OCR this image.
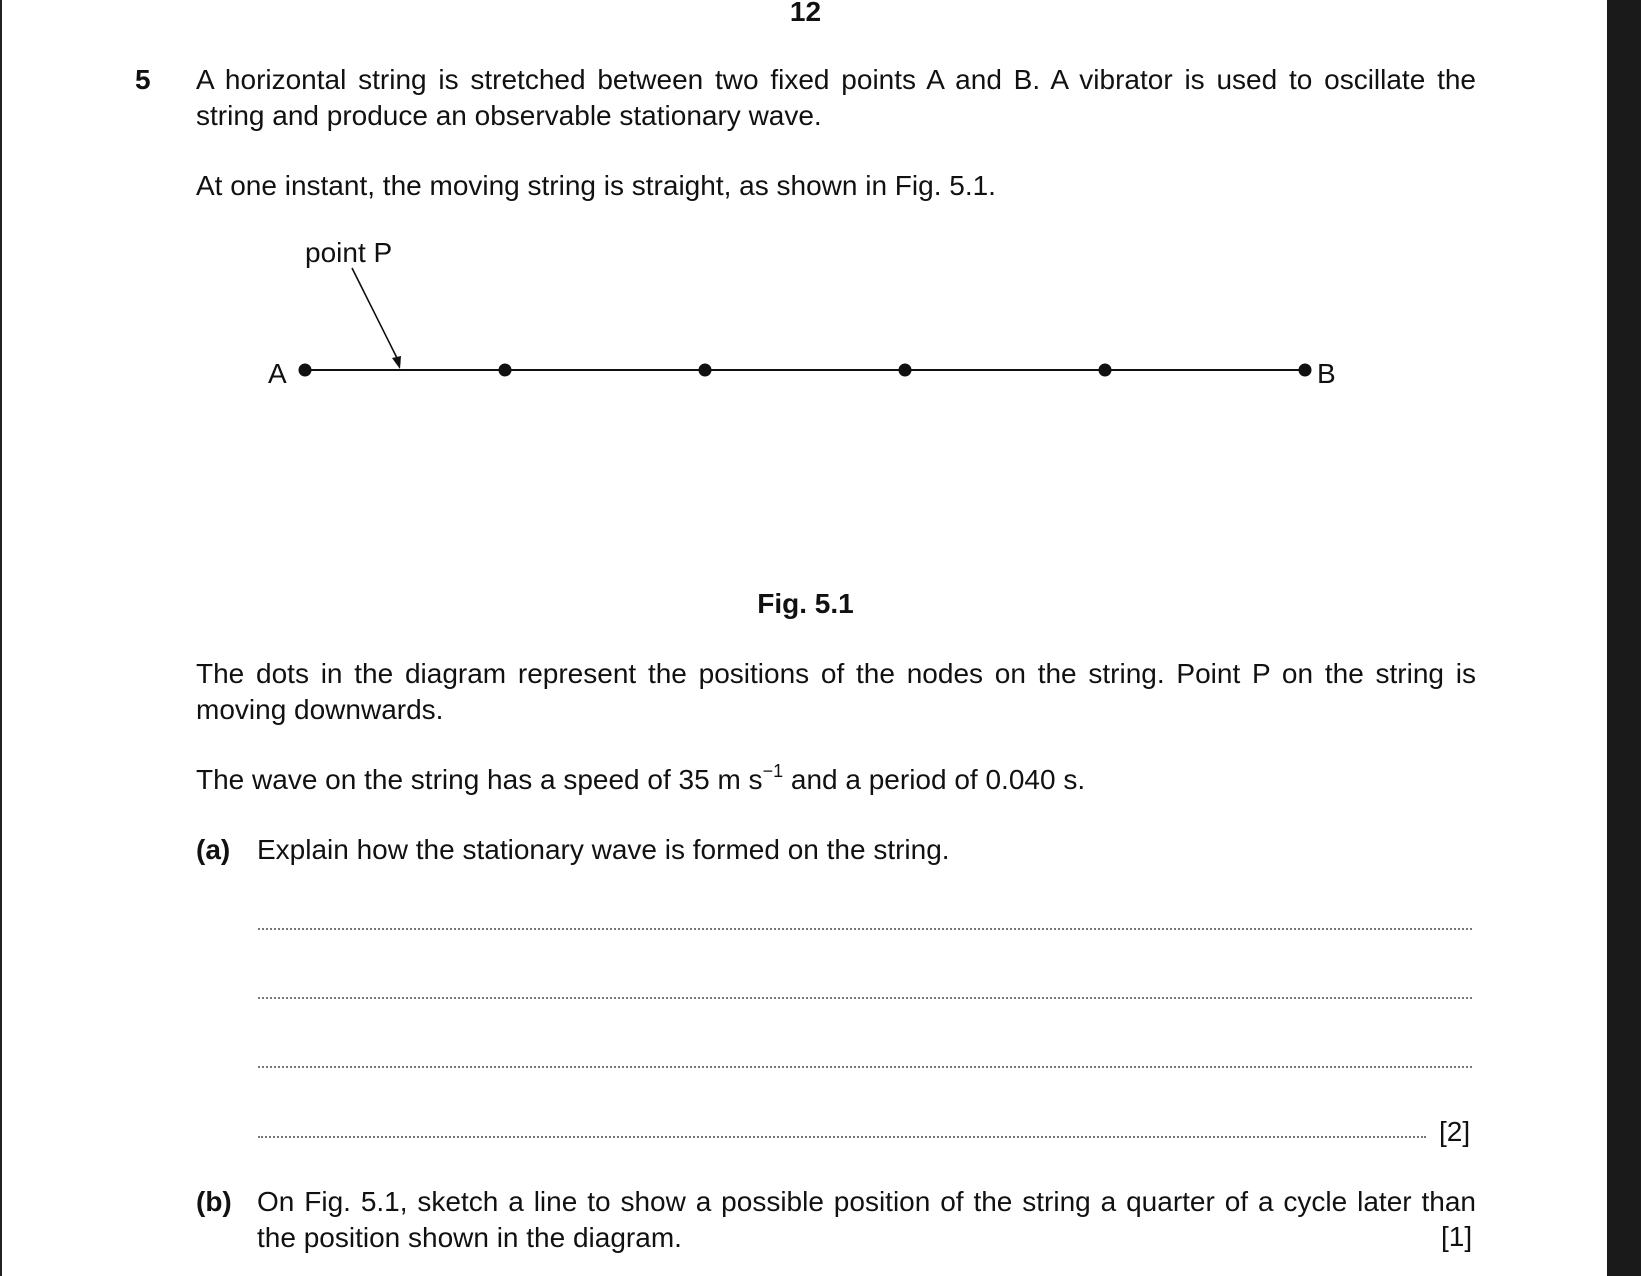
12
5 A horizontal string is stretched between two fixed points A and B. A vibrator is used to oscillate the string and produce an observable stationary wave.
At one instant, the moving string is straight, as shown in Fig. 5.1.
point P
A	B
Fig. 5.1
The dots in the diagram represent the positions of the nodes on the string. Point P on the string is moving downwards.
The wave on the string has a speed of 35 m $s^{-1}$ and a period of 0.040 s.
(a) Explain how the stationary wave is formed on the string.
[2]
(b) On Fig. 5.1, sketch a line to show a possible position of the string a quarter of a cycle later than the position shown in the diagram.	[1]
